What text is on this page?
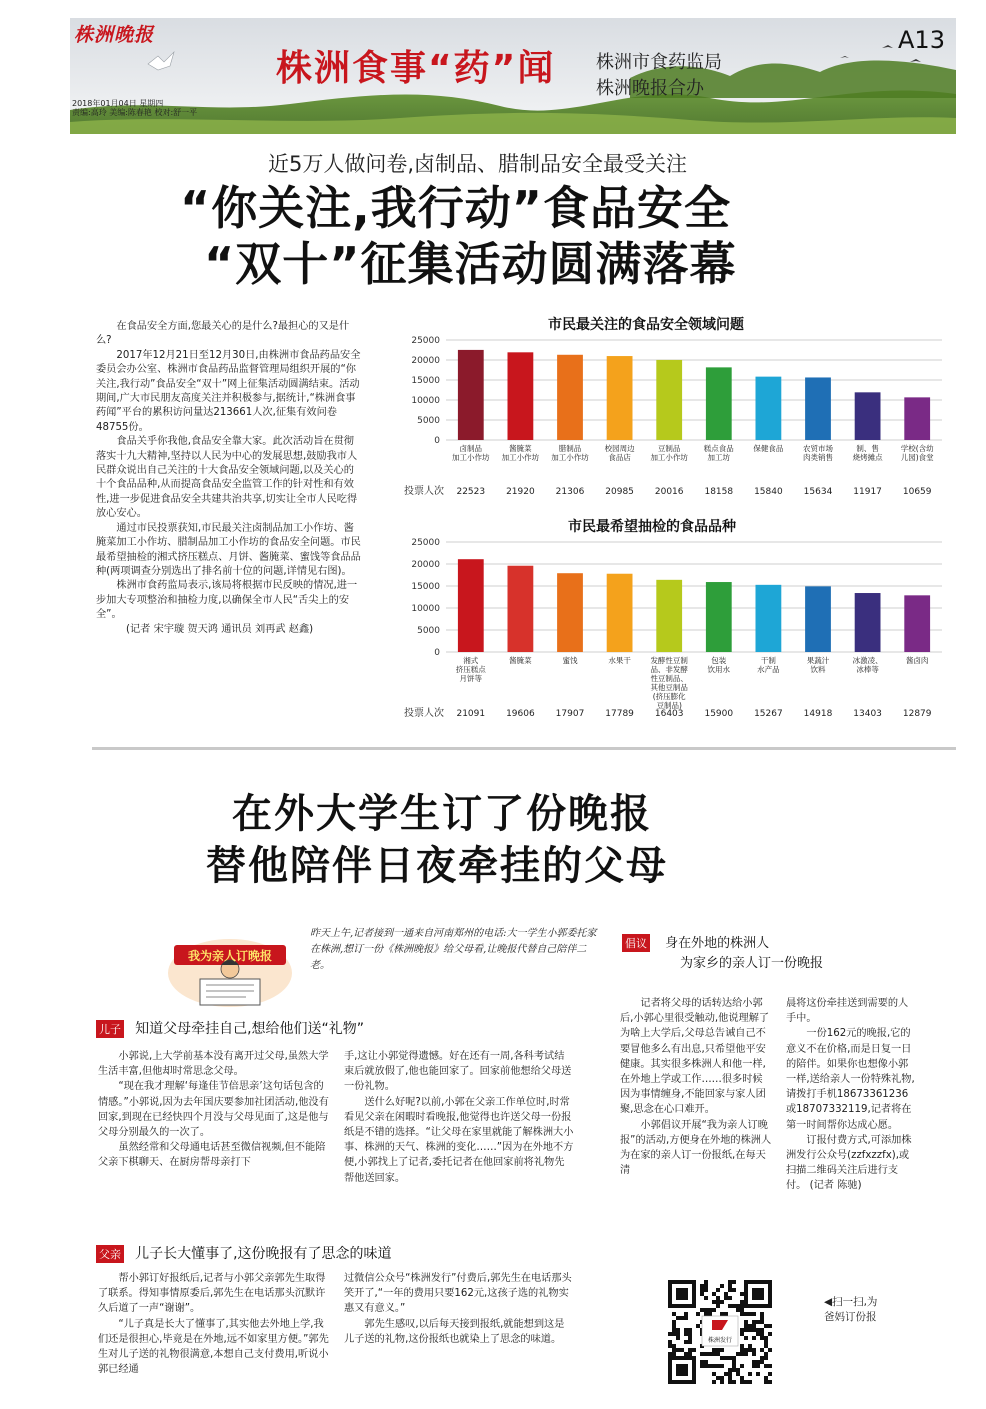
株洲晚报
株洲食事“药”闻 株洲市食药监局
株洲晚报合办
A13
2018年01月04日 星期四
责编:高玲 美编:陈春艳 校对:舒一平
近5万人做问卷,卤制品、腊制品安全最受关注
“你关注,我行动”食品安全
“双十”征集活动圆满落幕

在食品安全方面,您最关心的是什么?最担心的又是什么?

2017年12月21日至12月30日,由株洲市食品药品安全委员会办公室、株洲市食品药品监督管理局组织开展的“你关注,我行动”食品安全“双十”网上征集活动圆满结束。活动期间,广大市民朋友高度关注并积极参与,据统计,“株洲食事药闻”平台的累积访问量达213661人次,征集有效问卷48755份。

食品关乎你我他,食品安全靠大家。此次活动旨在贯彻落实十九大精神,坚持以人民为中心的发展思想,鼓励我市人民群众说出自己关注的十大食品安全领域问题,以及关心的十个食品品种,从而提高食品安全监管工作的针对性和有效性,进一步促进食品安全共建共治共享,切实让全市人民吃得放心安心。

通过市民投票获知,市民最关注卤制品加工小作坊、酱腌菜加工小作坊、腊制品加工小作坊的食品安全问题。市民最希望抽检的湘式挤压糕点、月饼、酱腌菜、蜜饯等食品品种(两项调查分别选出了排名前十位的问题,详情见右图)。

株洲市食药监局表示,该局将根据市民反映的情况,进一步加大专项整治和抽检力度,以确保全市人民“舌尖上的安全”。

(记者 宋宇璇 贺天鸿 通讯员 刘再武 赵鑫)

市民最关注的食品安全领域问题
0
5000
10000
15000
20000
25000
卤制品
加工小作坊
22523
酱腌菜
加工小作坊
21920
腊制品
加工小作坊
21306
校园周边
食品店
20985
豆制品
加工小作坊
20016
糕点食品
加工坊
18158
保健食品
15840
农贸市场
肉类销售
15634
制、售
烧烤摊点
11917
学校(含幼
儿园)食堂
10659
投票人次
市民最希望抽检的食品品种
0
5000
10000
15000
20000
25000
湘式
挤压糕点
月饼等
21091
酱腌菜
19606
蜜饯
17907
水果干
17789
发酵性豆制
品、非发酵
性豆制品、
其他豆制品
(挤压膨化
豆制品)
16403
包装
饮用水
15900
干制
水产品
15267
果蔬汁
饮料
14918
冰激凌、
冰棒等
13403
酱卤肉
12879
投票人次
在外大学生订了份晚报
替他陪伴日夜牵挂的父母
我为亲人订晚报
昨天上午,记者接到一通来自河南郑州的电话:大一学生小郭委托家在株洲,想订一份《株洲晚报》给父母看,让晚报代替自己陪伴二老。
倡议 身在外地的株洲人
为家乡的亲人订一份晚报
儿子 知道父母牵挂自己,想给他们送“礼物”

小郭说,上大学前基本没有离开过父母,虽然大学生活丰富,但他却时常思念父母。

“现在我才理解‘每逢佳节倍思亲’这句话包含的情感。”小郭说,因为去年国庆要参加社团活动,他没有回家,到现在已经快四个月没与父母见面了,这是他与父母分别最久的一次了。

虽然经常和父母通电话甚至微信视频,但不能陪父亲下棋聊天、在厨房帮母亲打下

手,这让小郭觉得遗憾。好在还有一周,各科考试结束后就放假了,他也能回家了。回家前他想给父母送一份礼物。

送什么好呢?以前,小郭在父亲工作单位时,时常看见父亲在闲暇时看晚报,他觉得也许送父母一份报纸是不错的选择。“让父母在家里就能了解株洲大小事、株洲的天气、株洲的变化……”因为在外地不方便,小郭找上了记者,委托记者在他回家前将礼物先帮他送回家。

父亲 儿子长大懂事了,这份晚报有了思念的味道

帮小郭订好报纸后,记者与小郭父亲郭先生取得了联系。得知事情原委后,郭先生在电话那头沉默许久后道了一声“谢谢”。

“儿子真是长大了懂事了,其实他去外地上学,我们还是很担心,毕竟是在外地,远不如家里方便。”郭先生对儿子送的礼物很满意,本想自己支付费用,听说小郭已经通

过微信公众号“株洲发行”付费后,郭先生在电话那头笑开了,“一年的费用只要162元,这孩子选的礼物实惠又有意义。”

郭先生感叹,以后每天接到报纸,就能想到这是儿子送的礼物,这份报纸也就染上了思念的味道。

记者将父母的话转达给小郭后,小郭心里很受触动,他说理解了为啥上大学后,父母总告诫自己不要冒他多么有出息,只希望他平安健康。其实很多株洲人和他一样,在外地上学或工作……很多时候因为事情缠身,不能回家与家人团聚,思念在心口难开。

小郭倡议开展“我为亲人订晚报”的活动,方便身在外地的株洲人为在家的亲人订一份报纸,在每天清

晨将这份牵挂送到需要的人手中。

一份162元的晚报,它的意义不在价格,而是日复一日的陪伴。如果你也想像小郭一样,送给亲人一份特殊礼物,请拨打手机18673361236或18707332119,记者将在第一时间帮你达成心愿。

订报付费方式,可添加株洲发行公众号(zzfxzzfx),或扫描二维码关注后进行支付。 (记者 陈驰)

株洲发行
◀扫一扫,为
爸妈订份报
